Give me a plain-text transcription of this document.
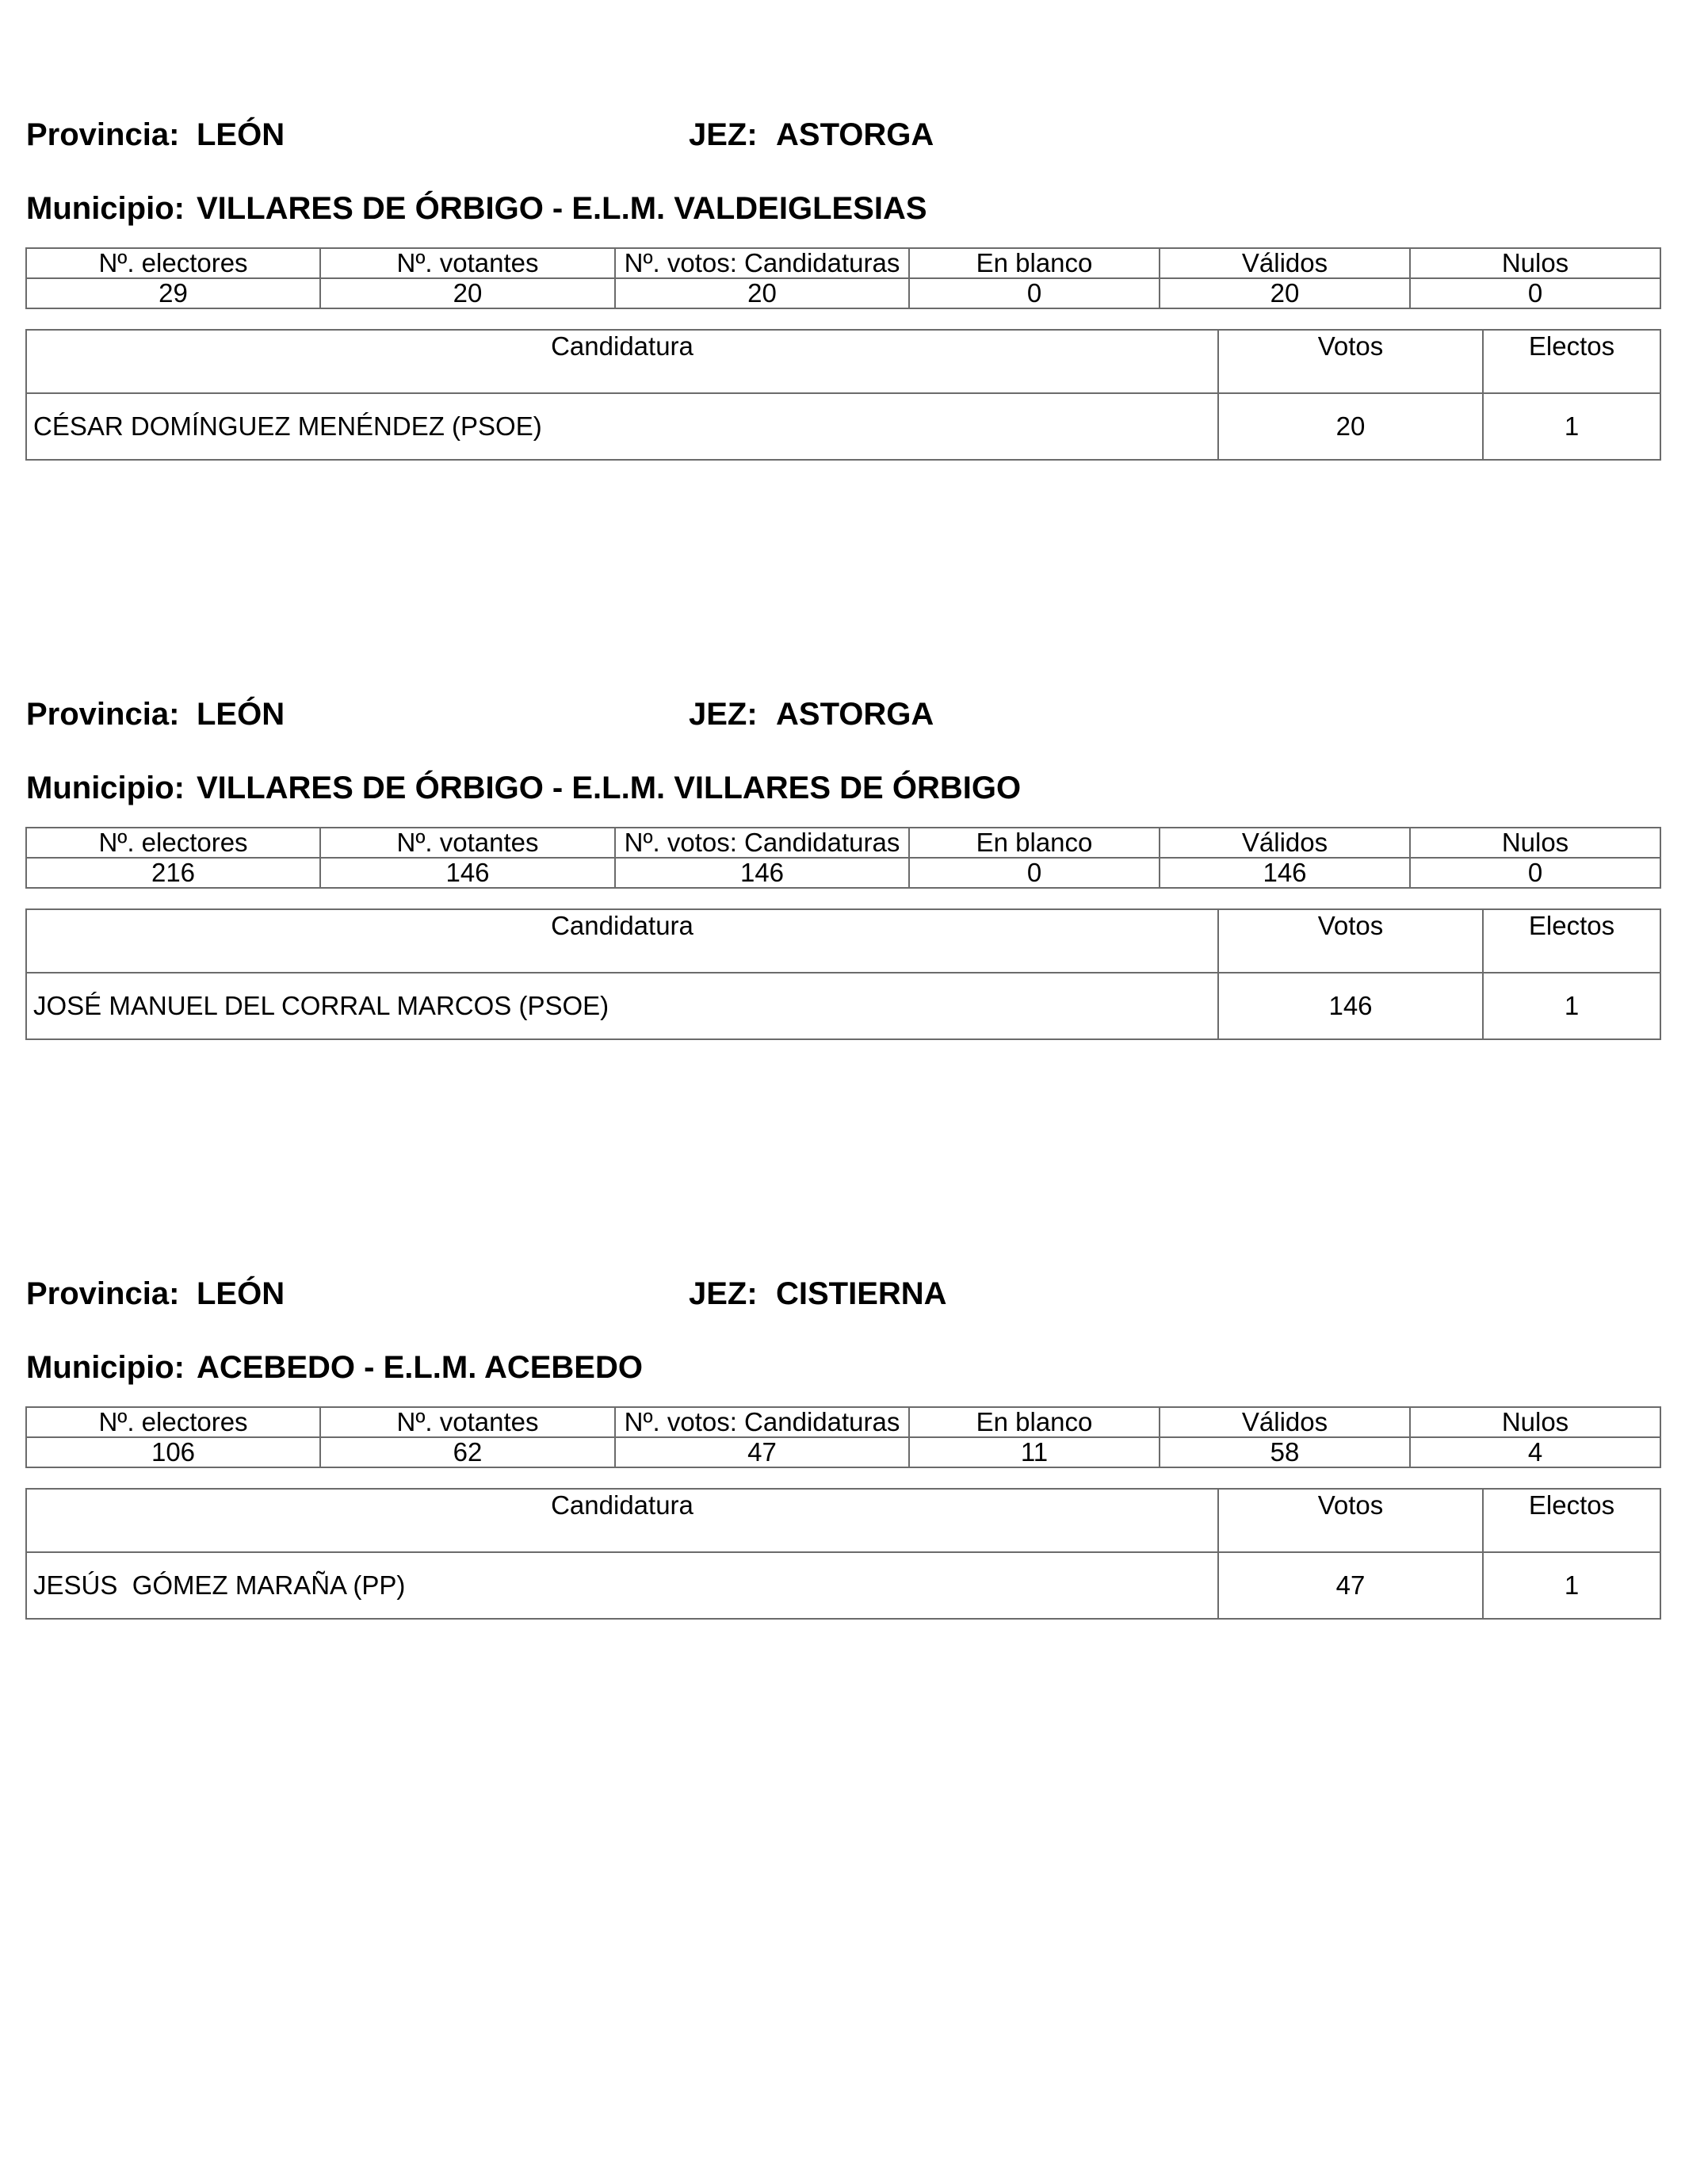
Provincia: LEÓN	JEZ: ASTORGA
Municipio: VILLARES DE ÓRBIGO - E.L.M. VALDEIGLESIAS
Nº. electores	Nº. votantes	Nº. votos: Candidaturas	En blanco	Válidos	Nulos
29	20	20	0	20	0
Candidatura	Votos	Electos
CÉSAR DOMÍNGUEZ MENÉNDEZ (PSOE)	20	1
Provincia: LEÓN	JEZ: ASTORGA
Municipio: VILLARES DE ÓRBIGO - E.L.M. VILLARES DE ÓRBIGO
Nº. electores	Nº. votantes	Nº. votos: Candidaturas	En blanco	Válidos	Nulos
216	146	146	0	146	0
Candidatura	Votos	Electos
JOSÉ MANUEL DEL CORRAL MARCOS (PSOE)	146	1
Provincia: LEÓN	JEZ: CISTIERNA
Municipio: ACEBEDO - E.L.M. ACEBEDO
Nº. electores	Nº. votantes	Nº. votos: Candidaturas	En blanco	Válidos	Nulos
106	62	47	11	58	4
Candidatura	Votos	Electos
JESÚS  GÓMEZ MARAÑA (PP)	47	1
